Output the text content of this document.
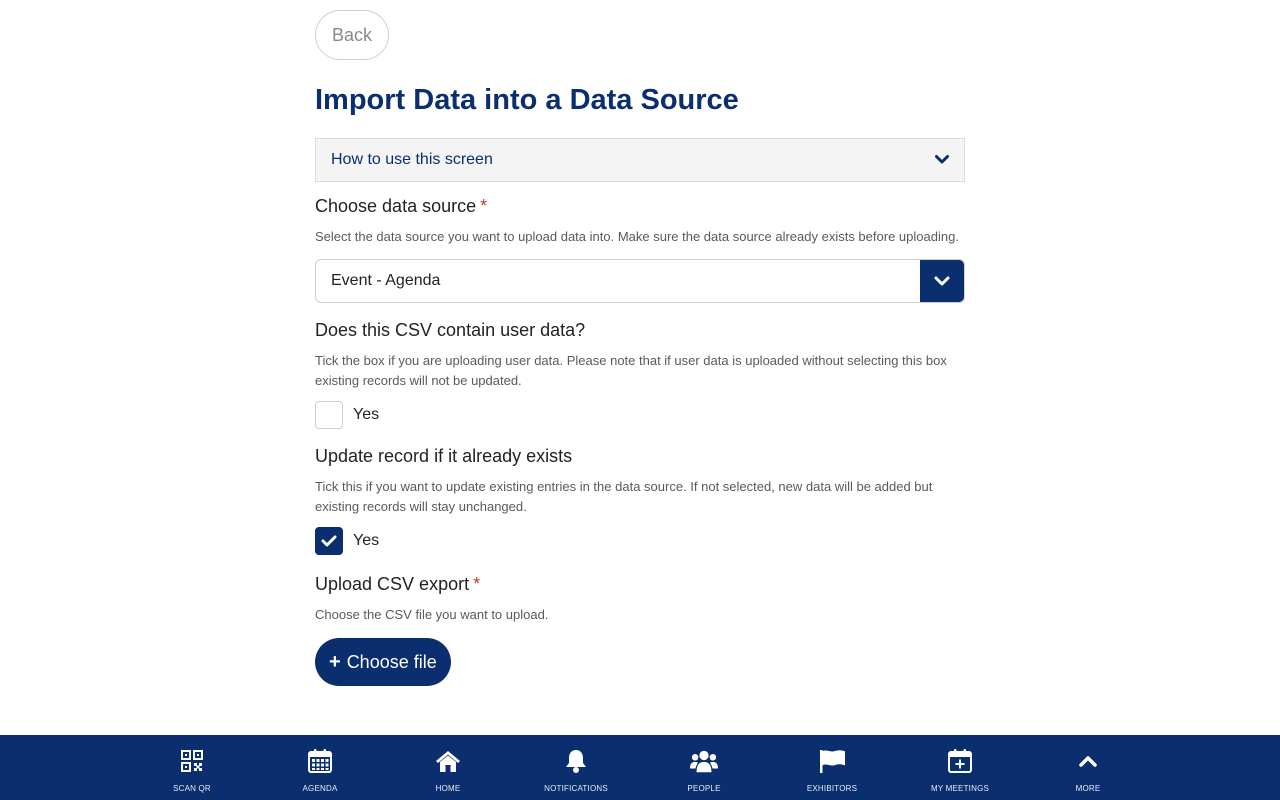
Back
Import Data into a Data Source
How to use this screen
Choose data source *

Select the data source you want to upload data into. Make sure the data source already exists before uploading.

Event - Agenda
Does this CSV contain user data?

Tick the box if you are uploading user data. Please note that if user data is uploaded without selecting this box existing records will not be updated.

Yes
Update record if it already exists

Tick this if you want to update existing entries in the data source. If not selected, new data will be added but existing records will stay unchanged.

Yes
Upload CSV export *

Choose the CSV file you want to upload.

+ Choose file
SCAN QR	AGENDA	HOME	NOTIFICATIONS	PEOPLE	EXHIBITORS	MY MEETINGS	MORE
